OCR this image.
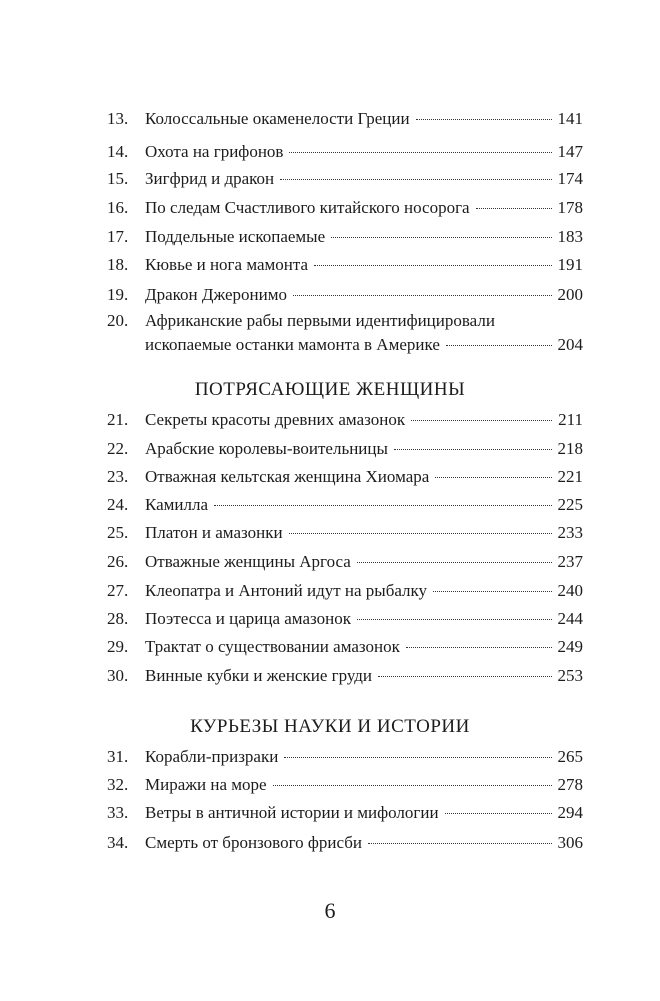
13. Колоссальные окаменелости Греции	141
14. Охота на грифонов	147
15. Зигфрид и дракон	174
16. По следам Счастливого китайского носорога	178
17. Поддельные ископаемые	183
18. Кювье и нога мамонта	191
19. Дракон Джеронимо	200
20. Африканские рабы первыми идентифицировали
ископаемые останки мамонта в Америке	204
ПОТРЯСАЮЩИЕ ЖЕНЩИНЫ
21. Секреты красоты древних амазонок	211
22. Арабские королевы-воительницы	218
23. Отважная кельтская женщина Хиомара	221
24. Камилла	225
25. Платон и амазонки	233
26. Отважные женщины Аргоса	237
27. Клеопатра и Антоний идут на рыбалку	240
28. Поэтесса и царица амазонок	244
29. Трактат о существовании амазонок	249
30. Винные кубки и женские груди	253
КУРЬЕЗЫ НАУКИ И ИСТОРИИ
31. Корабли-призраки	265
32. Миражи на море	278
33. Ветры в античной истории и мифологии	294
34. Смерть от бронзового фрисби	306
6
